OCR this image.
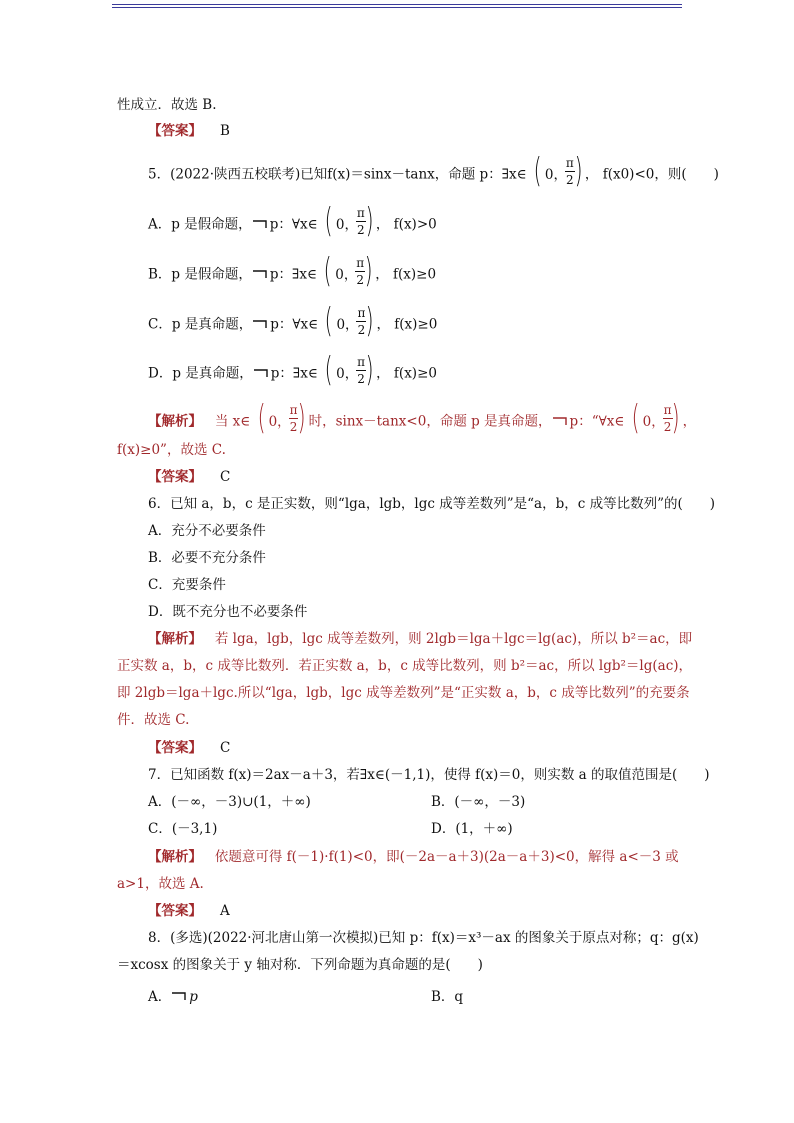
性成立．故选 B.
【答案】 B
5．(2022·陕西五校联考)已知f(x)＝sinx－tanx，命题 p：∃x∈ ( 0，
$\frac{\pi}{2}$ ) ， f(x0)<0，则(　　)
A．p 是假命题， p：∀x∈ ( 0，
$\frac{\pi}{2}$ ) ， f(x)>0
B．p 是假命题， p：∃x∈ ( 0，
$\frac{\pi}{2}$ ) ， f(x)≥0
C．p 是真命题， p：∀x∈ ( 0，
$\frac{\pi}{2}$ ) ， f(x)≥0
D．p 是真命题， p：∃x∈ ( 0，
$\frac{\pi}{2}$ ) ， f(x)≥0
【解析】 当 x∈ ( 0，
$\frac{\pi}{2}$ ) 时，sinx－tanx<0，命题 p 是真命题， p：“∀x∈ ( 0，
$\frac{\pi}{2}$ ) ，
f(x)≥0”，故选 C.
【答案】 C
6．已知 a，b，c 是正实数，则“lga，lgb，lgc 成等差数列”是“a，b，c 成等比数列”的(　　)
A．充分不必要条件
B．必要不充分条件
C．充要条件
D．既不充分也不必要条件
【解析】 若 lga，lgb，lgc 成等差数列，则 2lgb＝lga＋lgc＝lg(ac)，所以 b²＝ac，即
正实数 a，b，c 成等比数列．若正实数 a，b，c 成等比数列，则 b²＝ac，所以 lgb²＝lg(ac)，
即 2lgb＝lga＋lgc.所以“lga，lgb，lgc 成等差数列”是“正实数 a，b，c 成等比数列”的充要条
件．故选 C.
【答案】 C
7．已知函数 f(x)＝2ax－a＋3，若∃x∈(－1,1)，使得 f(x)＝0，则实数 a 的取值范围是(　　)
A．(－∞，－3)∪(1，＋∞)	B．(－∞，－3)
C．(－3,1)	D．(1，＋∞)
【解析】 依题意可得 f(－1)·f(1)<0，即(－2a－a＋3)(2a－a＋3)<0，解得 a<－3 或
a>1，故选 A.
【答案】 A
8．(多选)(2022·河北唐山第一次模拟)已知 p：f(x)＝x³－ax 的图象关于原点对称；q：g(x)
＝xcosx 的图象关于 y 轴对称．下列命题为真命题的是(　　)
A． p	B．q
